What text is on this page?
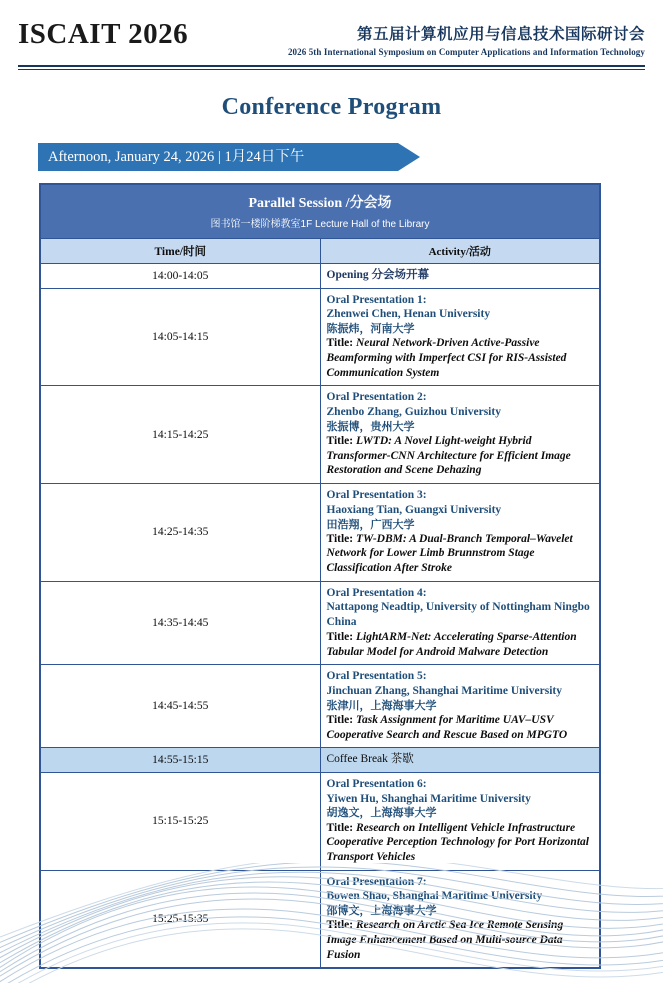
ISCAIT 2026	第五届计算机应用与信息技术国际研讨会
2026 5th International Symposium on Computer Applications and Information Technology
Conference Program
Afternoon, January 24, 2026 | 1月24日下午
Parallel Session /分会场
图书馆一楼阶梯教室1F Lecture Hall of the Library	

Time/时间	Activity/活动
14:00-14:05	Opening 分会场开幕
14:05-14:15	Oral Presentation 1:
Zhenwei Chen, Henan University
陈振炜，河南大学
Title: Neural Network-Driven Active-Passive Beamforming with Imperfect CSI for RIS-Assisted Communication System

14:15-14:25	Oral Presentation 2:
Zhenbo Zhang, Guizhou University
张振博，贵州大学
Title: LWTD: A Novel Light-weight Hybrid Transformer-CNN Architecture for Efficient Image Restoration and Scene Dehazing

14:25-14:35	Oral Presentation 3:
Haoxiang Tian, Guangxi University
田浩翔，广西大学
Title: TW-DBM: A Dual-Branch Temporal–Wavelet Network for Lower Limb Brunnstrom Stage Classification After Stroke

14:35-14:45	Oral Presentation 4:
Nattapong Neadtip, University of Nottingham Ningbo China
Title: LightARM-Net: Accelerating Sparse-Attention Tabular Model for Android Malware Detection

14:45-14:55	Oral Presentation 5:
Jinchuan Zhang, Shanghai Maritime University
张津川，上海海事大学
Title: Task Assignment for Maritime UAV–USV Cooperative Search and Rescue Based on MPGTO

14:55-15:15	Coffee Break 茶歇
15:15-15:25	Oral Presentation 6:
Yiwen Hu, Shanghai Maritime University
胡逸文，上海海事大学
Title: Research on Intelligent Vehicle Infrastructure Cooperative Perception Technology for Port Horizontal Transport Vehicles

15:25-15:35	Oral Presentation 7:
Bowen Shao, Shanghai Maritime University
邵博文，上海海事大学
Title: Research on Arctic Sea Ice Remote Sensing Image Enhancement Based on Multi-source Data Fusion
